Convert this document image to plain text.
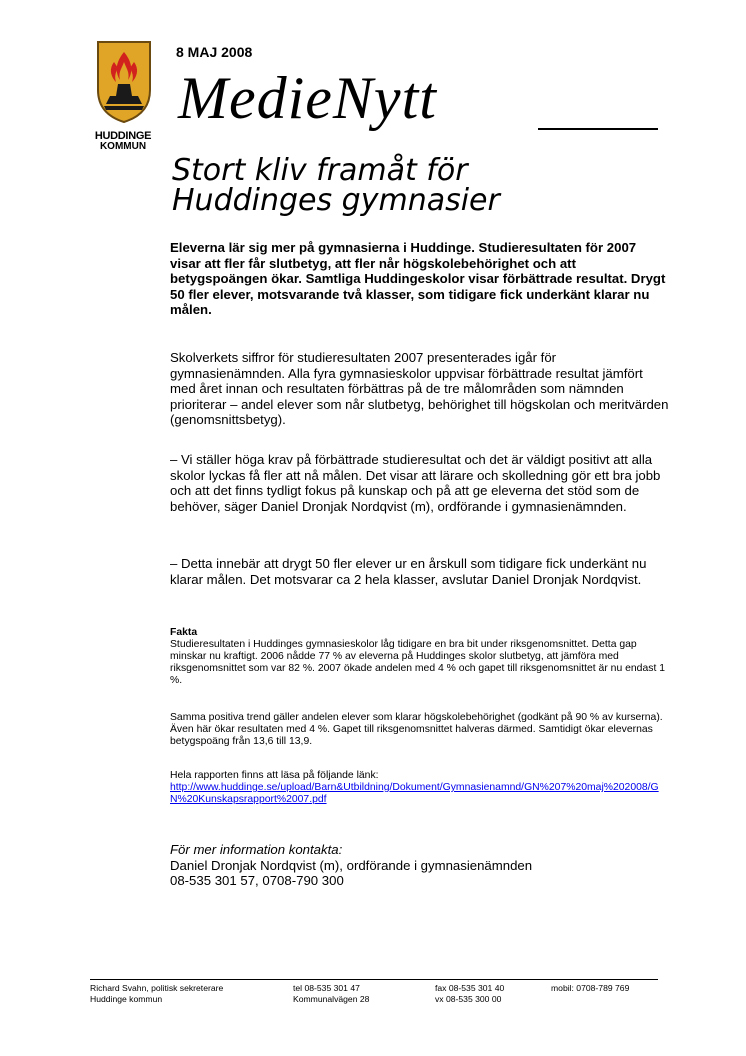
HUDDINGE
KOMMUN
8 MAJ 2008
MedieNytt
Stort kliv framåt för
Huddinges gymnasier

Eleverna lär sig mer på gymnasierna i Huddinge. Studieresultaten för 2007 visar att fler får slutbetyg, att fler når högskolebehörighet och att betygspoängen ökar. Samtliga Huddingeskolor visar förbättrade resultat. Drygt 50 fler elever, motsvarande två klasser, som tidigare fick underkänt klarar nu målen.

Skolverkets siffror för studieresultaten 2007 presenterades igår för gymnasienämnden. Alla fyra gymnasieskolor uppvisar förbättrade resultat jämfört med året innan och resultaten förbättras på de tre målområden som nämnden prioriterar – andel elever som når slutbetyg, behörighet till högskolan och meritvärden (genomsnittsbetyg).

– Vi ställer höga krav på förbättrade studieresultat och det är väldigt positivt att alla skolor lyckas få fler att nå målen. Det visar att lärare och skolledning gör ett bra jobb och att det finns tydligt fokus på kunskap och på att ge eleverna det stöd som de behöver, säger Daniel Dronjak Nordqvist (m), ordförande i gymnasienämnden.

– Detta innebär att drygt 50 fler elever ur en årskull som tidigare fick underkänt nu klarar målen. Det motsvarar ca 2 hela klasser, avslutar Daniel Dronjak Nordqvist.

Fakta

Studieresultaten i Huddinges gymnasieskolor låg tidigare en bra bit under riksgenomsnittet. Detta gap minskar nu kraftigt. 2006 nådde 77 % av eleverna på Huddinges skolor slutbetyg, att jämföra med riksgenomsnittet som var 82 %. 2007 ökade andelen med 4 % och gapet till riksgenomsnittet är nu endast 1 %.

Samma positiva trend gäller andelen elever som klarar högskolebehörighet (godkänt på 90 % av kurserna). Även här ökar resultaten med 4 %. Gapet till riksgenomsnittet halveras därmed. Samtidigt ökar elevernas betygspoäng från 13,6 till 13,9.

Hela rapporten finns att läsa på följande länk:
http://www.huddinge.se/upload/Barn&Utbildning/Dokument/Gymnasienamnd/GN%207%20maj%202008/GN%20Kunskapsrapport%2007.pdf
För mer information kontakta:
Daniel Dronjak Nordqvist (m), ordförande i gymnasienämnden
08-535 301 57, 0708-790 300
Richard Svahn, politisk sekreterare
Huddinge kommun
tel 08-535 301 47
Kommunalvägen 28
fax 08-535 301 40
vx 08-535 300 00
mobil: 0708-789 769
